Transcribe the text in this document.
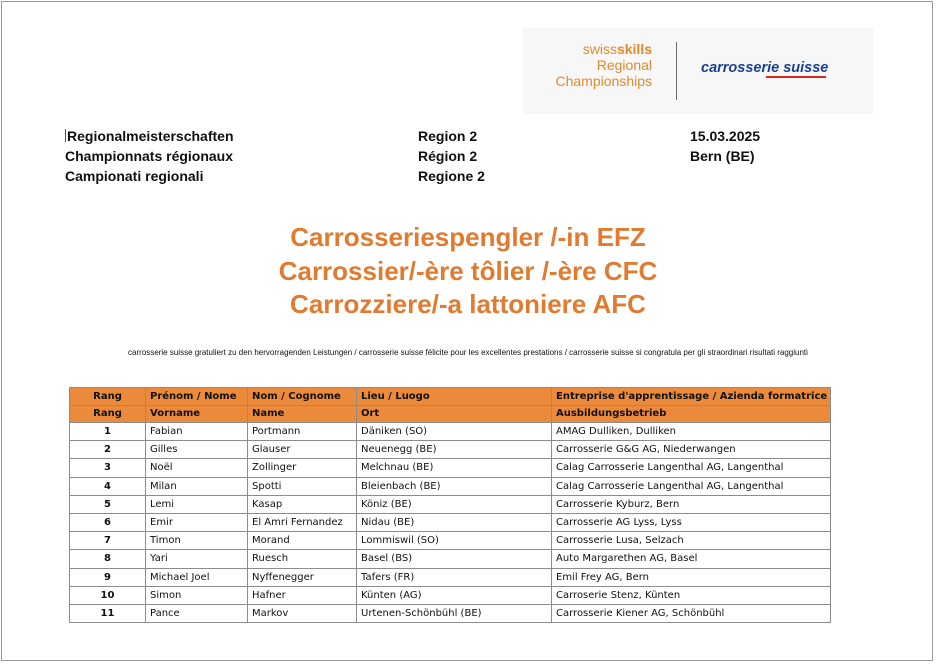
swissskills
Regional
Championships
carrosserie suisse
Regionalmeisterschaften
Championnats régionaux
Campionati regionali
Region 2
Région 2
Regione 2
15.03.2025
Bern (BE)
Carrosseriespengler /-in EFZ
Carrossier/-ère tôlier /-ère CFC
Carrozziere/-a lattoniere AFC
carrosserie suisse gratuliert zu den hervorragenden Leistungen / carrosserie suisse félicite pour les excellentes prestations / carrosserie suisse si congratula per gli straordinari risultati raggiunti
Rang	Prénom / Nome	Nom / Cognome	Lieu / Luogo	Entreprise d'apprentissage / Azienda formatrice
Rang	Vorname	Name	Ort	Ausbildungsbetrieb
1	Fabian	Portmann	Däniken (SO)	AMAG Dulliken, Dulliken
2	Gilles	Glauser	Neuenegg (BE)	Carrosserie G&G AG, Niederwangen
3	Noël	Zollinger	Melchnau (BE)	Calag Carrosserie Langenthal AG, Langenthal
4	Milan	Spotti	Bleienbach (BE)	Calag Carrosserie Langenthal AG, Langenthal
5	Lemi	Kasap	Köniz (BE)	Carrosserie Kyburz, Bern
6	Emir	El Amri Fernandez	Nidau (BE)	Carrosserie AG Lyss, Lyss
7	Timon	Morand	Lommiswil (SO)	Carrosserie Lusa, Selzach
8	Yari	Ruesch	Basel (BS)	Auto Margarethen AG, Basel
9	Michael Joel	Nyffenegger	Tafers (FR)	Emil Frey AG, Bern
10	Simon	Hafner	Künten (AG)	Carroserie Stenz, Künten
11	Pance	Markov	Urtenen-Schönbühl (BE)	Carrosserie Kiener AG, Schönbühl
